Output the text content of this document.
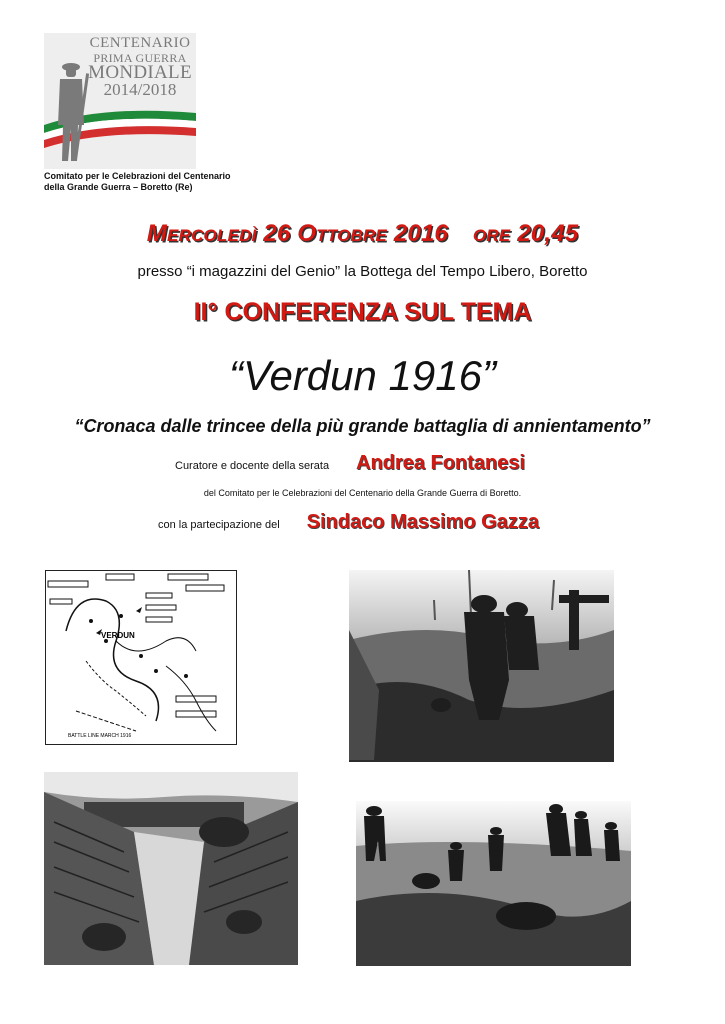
CENTENARIO
PRIMA GUERRA
MONDIALE
2014/2018
Comitato per le Celebrazioni del Centenario
della Grande Guerra – Boretto (Re)
Mercoledì 26 Ottobre 2016 ore 20,45
presso “i magazzini del Genio” la Bottega del Tempo Libero, Boretto
II° CONFERENZA SUL TEMA
“Verdun 1916”
“Cronaca dalle trincee della più grande battaglia di annientamento”
Curatore e docente della serata Andrea Fontanesi
del Comitato per le Celebrazioni del Centenario della Grande Guerra di Boretto.
con la partecipazione del Sindaco Massimo Gazza
VERDUN
BATTLE LINE MARCH 1916
